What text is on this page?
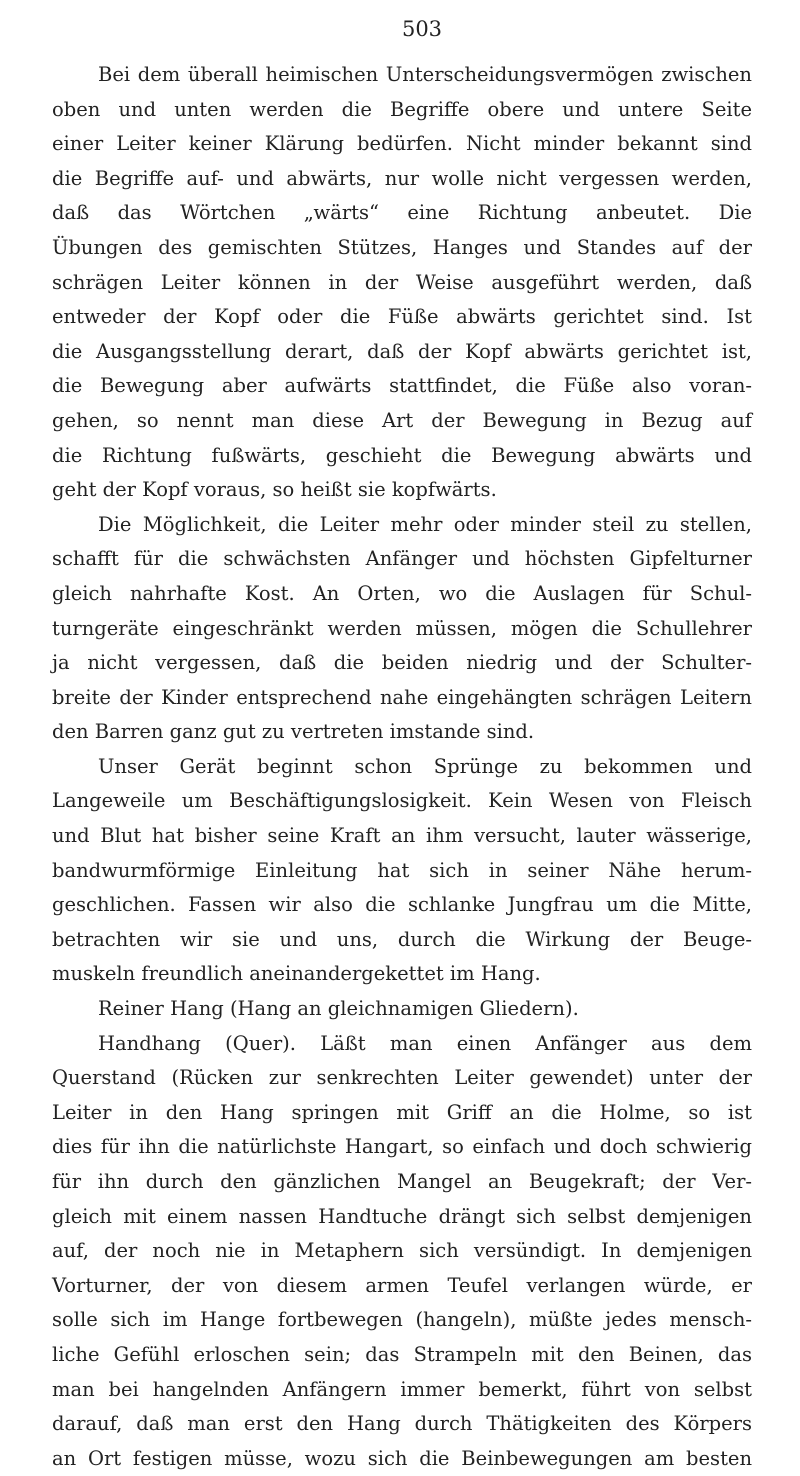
503
Bei dem überall heimischen Unterscheidungsvermögen zwischen
oben und unten werden die Begriffe obere und untere Seite
einer Leiter keiner Klärung bedürfen. Nicht minder bekannt sind
die Begriffe auf- und abwärts, nur wolle nicht vergessen werden,
daß das Wörtchen „wärts“ eine Richtung anbeutet. Die
Übungen des gemischten Stützes, Hanges und Standes auf der
schrägen Leiter können in der Weise ausgeführt werden, daß
entweder der Kopf oder die Füße abwärts gerichtet sind. Ist
die Ausgangsstellung derart, daß der Kopf abwärts gerichtet ist,
die Bewegung aber aufwärts stattfindet, die Füße also voran-
gehen, so nennt man diese Art der Bewegung in Bezug auf
die Richtung fußwärts, geschieht die Bewegung abwärts und
geht der Kopf voraus, so heißt sie kopfwärts.
Die Möglichkeit, die Leiter mehr oder minder steil zu stellen,
schafft für die schwächsten Anfänger und höchsten Gipfelturner
gleich nahrhafte Kost. An Orten, wo die Auslagen für Schul-
turngeräte eingeschränkt werden müssen, mögen die Schullehrer
ja nicht vergessen, daß die beiden niedrig und der Schulter-
breite der Kinder entsprechend nahe eingehängten schrägen Leitern
den Barren ganz gut zu vertreten imstande sind.
Unser Gerät beginnt schon Sprünge zu bekommen und
Langeweile um Beschäftigungslosigkeit. Kein Wesen von Fleisch
und Blut hat bisher seine Kraft an ihm versucht, lauter wässerige,
bandwurmförmige Einleitung hat sich in seiner Nähe herum-
geschlichen. Fassen wir also die schlanke Jungfrau um die Mitte,
betrachten wir sie und uns, durch die Wirkung der Beuge-
muskeln freundlich aneinandergekettet im Hang.
Reiner Hang (Hang an gleichnamigen Gliedern).
Handhang (Quer). Läßt man einen Anfänger aus dem
Querstand (Rücken zur senkrechten Leiter gewendet) unter der
Leiter in den Hang springen mit Griff an die Holme, so ist
dies für ihn die natürlichste Hangart, so einfach und doch schwierig
für ihn durch den gänzlichen Mangel an Beugekraft; der Ver-
gleich mit einem nassen Handtuche drängt sich selbst demjenigen
auf, der noch nie in Metaphern sich versündigt. In demjenigen
Vorturner, der von diesem armen Teufel verlangen würde, er
solle sich im Hange fortbewegen (hangeln), müßte jedes mensch-
liche Gefühl erloschen sein; das Strampeln mit den Beinen, das
man bei hangelnden Anfängern immer bemerkt, führt von selbst
darauf, daß man erst den Hang durch Thätigkeiten des Körpers
an Ort festigen müsse, wozu sich die Beinbewegungen am besten
